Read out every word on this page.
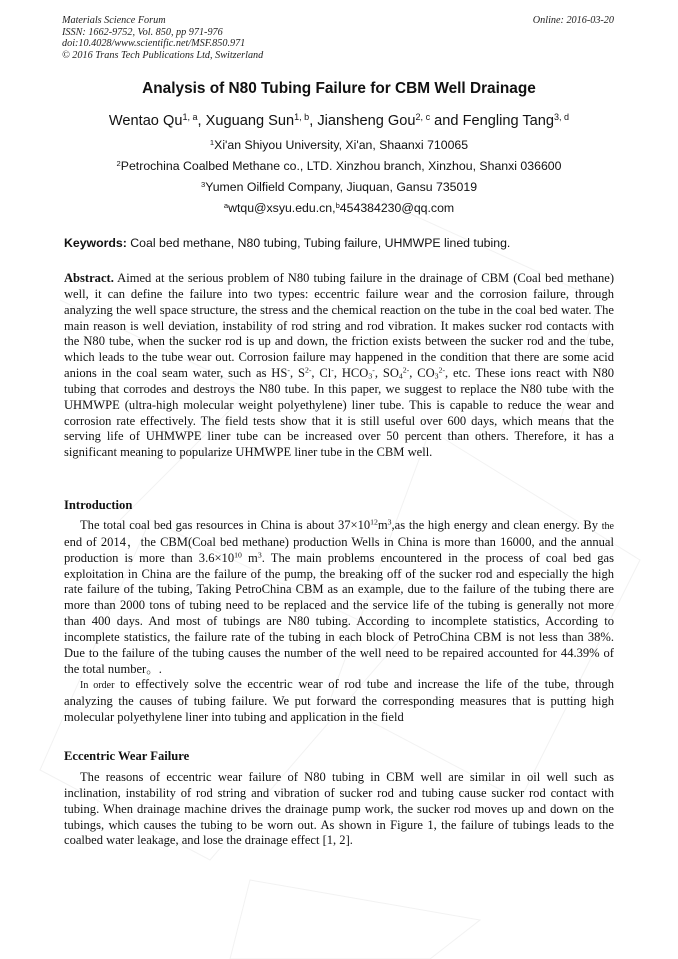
Materials Science Forum
ISSN: 1662-9752, Vol. 850, pp 971-976
doi:10.4028/www.scientific.net/MSF.850.971
© 2016 Trans Tech Publications Ltd, Switzerland
Online: 2016-03-20
Analysis of N80 Tubing Failure for CBM Well Drainage
Wentao Qu$^{1, a}$, Xuguang Sun$^{1, b}$, Jiansheng Gou$^{2, c}$ and Fengling Tang$^{3, d}$
$^1$Xi'an Shiyou University, Xi'an, Shaanxi 710065
$^2$Petrochina Coalbed Methane co., LTD. Xinzhou branch, Xinzhou, Shanxi 036600
$^3$Yumen Oilfield Company, Jiuquan, Gansu 735019
$^a$wtqu@xsyu.edu.cn,$^b$454384230@qq.com
Keywords: Coal bed methane, N80 tubing, Tubing failure, UHMWPE lined tubing.

Abstract. Aimed at the serious problem of N80 tubing failure in the drainage of CBM (Coal bed methane) well, it can define the failure into two types: eccentric failure wear and the corrosion failure, through analyzing the well space structure, the stress and the chemical reaction on the tube in the coal bed water. The main reason is well deviation, instability of rod string and rod vibration. It makes sucker rod contacts with the N80 tube, when the sucker rod is up and down, the friction exists between the sucker rod and the tube, which leads to the tube wear out. Corrosion failure may happened in the condition that there are some acid anions in the coal seam water, such as HS-, $S^{2-}$, Cl-, $HCO_3^-$, $SO_4^{2-}$, $CO_3^{2-}$, etc. These ions react with N80 tubing that corrodes and destroys the N80 tube. In this paper, we suggest to replace the N80 tube with the UHMWPE (ultra-high molecular weight polyethylene) liner tube. This is capable to reduce the wear and corrosion rate effectively. The field tests show that it is still useful over 600 days, which means that the serving life of UHMWPE liner tube can be increased over 50 percent than others. Therefore, it has a significant meaning to popularize UHMWPE liner tube in the CBM well.

Introduction

The total coal bed gas resources in China is about $37\times 10^{12}m^3,as$ the high energy and clean energy. By the end of 2014，the CBM(Coal bed methane) production Wells in China is more than 16000, and the annual production is more than $3.6\times 10^{10}$ $m^3$. The main problems encountered in the process of coal bed gas exploitation in China are the failure of the pump, the breaking off of the sucker rod and especially the high rate failure of the tubing, Taking PetroChina CBM as an example, due to the failure of the tubing there are more than 2000 tons of tubing need to be replaced and the service life of the tubing is generally not more than 400 days. And most of tubings are N80 tubing. According to incomplete statistics, According to incomplete statistics, the failure rate of the tubing in each block of PetroChina CBM is not less than 38%. Due to the failure of the tubing causes the number of the well need to be repaired accounted for 44.39% of the total number。.

In order to effectively solve the eccentric wear of rod tube and increase the life of the tube, through analyzing the causes of tubing failure. We put forward the corresponding measures that is putting high molecular polyethylene liner into tubing and application in the field

Eccentric Wear Failure

The reasons of eccentric wear failure of N80 tubing in CBM well are similar in oil well such as inclination, instability of rod string and vibration of sucker rod and tubing cause sucker rod contact with tubing. When drainage machine drives the drainage pump work, the sucker rod moves up and down on the tubings, which causes the tubing to be worn out. As shown in Figure 1, the failure of tubings leads to the coalbed water leakage, and lose the drainage effect [1, 2].
